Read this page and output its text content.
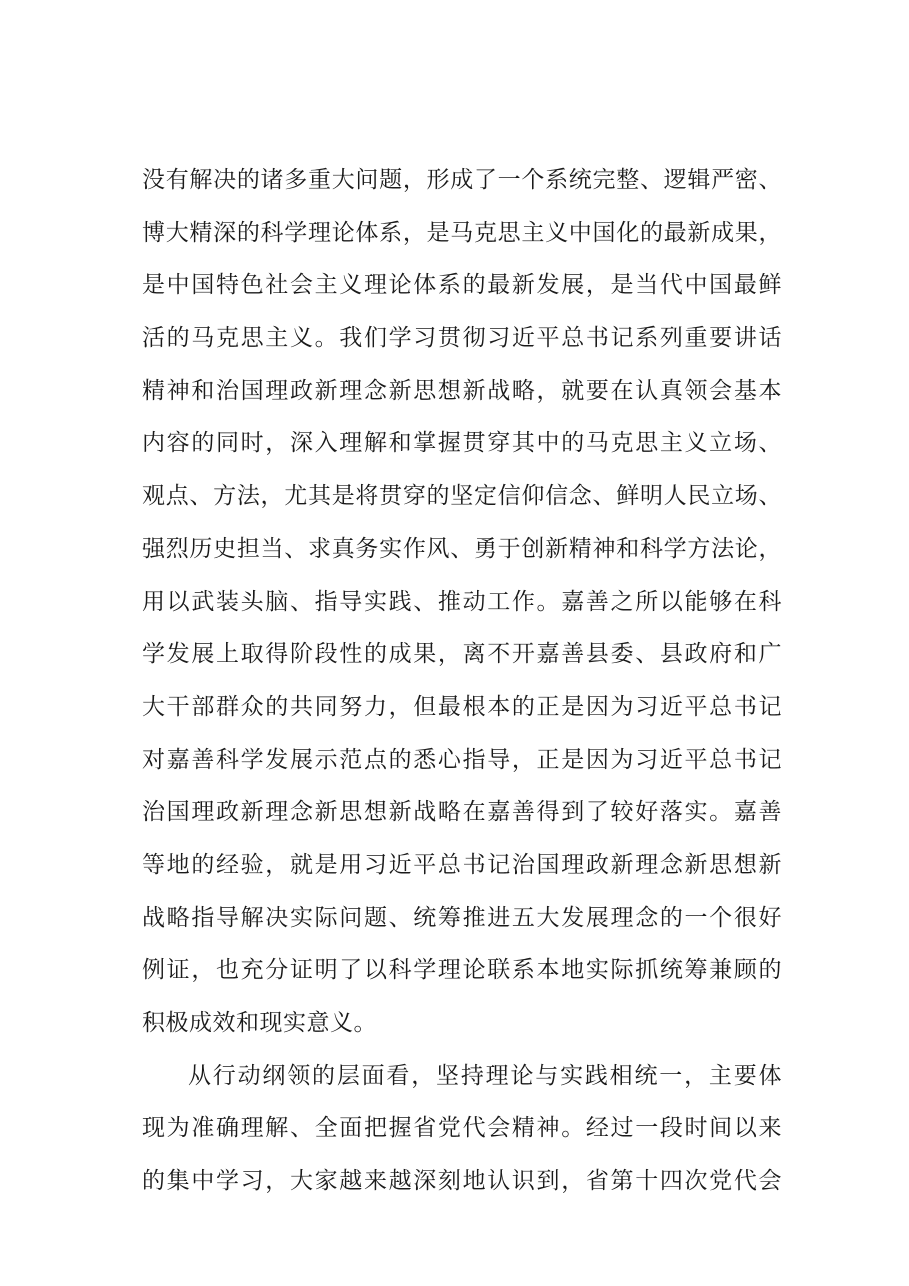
没有解决的诸多重大问题，形成了一个系统完整、逻辑严密、
博大精深的科学理论体系，是马克思主义中国化的最新成果，
是中国特色社会主义理论体系的最新发展，是当代中国最鲜
活的马克思主义。我们学习贯彻习近平总书记系列重要讲话
精神和治国理政新理念新思想新战略，就要在认真领会基本
内容的同时，深入理解和掌握贯穿其中的马克思主义立场、
观点、方法，尤其是将贯穿的坚定信仰信念、鲜明人民立场、
强烈历史担当、求真务实作风、勇于创新精神和科学方法论，
用以武装头脑、指导实践、推动工作。嘉善之所以能够在科
学发展上取得阶段性的成果，离不开嘉善县委、县政府和广
大干部群众的共同努力，但最根本的正是因为习近平总书记
对嘉善科学发展示范点的悉心指导，正是因为习近平总书记
治国理政新理念新思想新战略在嘉善得到了较好落实。嘉善
等地的经验，就是用习近平总书记治国理政新理念新思想新
战略指导解决实际问题、统筹推进五大发展理念的一个很好
例证，也充分证明了以科学理论联系本地实际抓统筹兼顾的
积极成效和现实意义。
从行动纲领的层面看，坚持理论与实践相统一，主要体
现为准确理解、全面把握省党代会精神。经过一段时间以来
的集中学习，大家越来越深刻地认识到，省第十四次党代会
